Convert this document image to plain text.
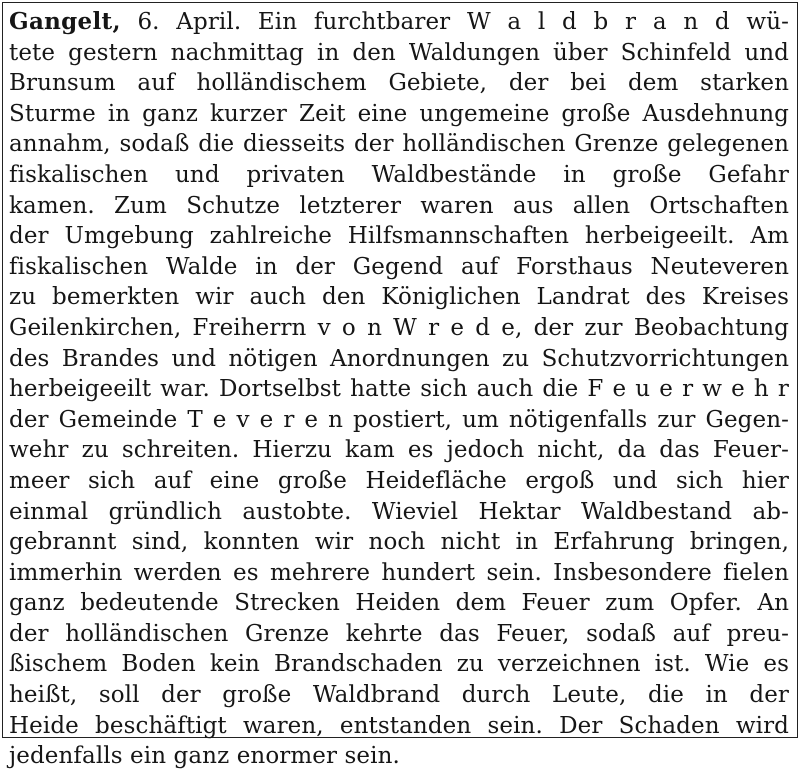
Gangelt, 6. April. Ein furchtbarer W a l d b r a n d wü-
tete gestern nachmittag in den Waldungen über Schinfeld und
Brunsum auf holländischem Gebiete, der bei dem starken
Sturme in ganz kurzer Zeit eine ungemeine große Ausdehnung
annahm, sodaß die diesseits der holländischen Grenze gelegenen
fiskalischen und privaten Waldbestände in große Gefahr
kamen. Zum Schutze letzterer waren aus allen Ortschaften
der Umgebung zahlreiche Hilfsmannschaften herbeigeeilt. Am
fiskalischen Walde in der Gegend auf Forsthaus Neuteveren
zu bemerkten wir auch den Königlichen Landrat des Kreises
Geilenkirchen, Freiherrn v o n W r e d e, der zur Beobachtung
des Brandes und nötigen Anordnungen zu Schutzvorrichtungen
herbeigeeilt war. Dortselbst hatte sich auch die F e u e r w e h r
der Gemeinde T e v e r e n postiert, um nötigenfalls zur Gegen-
wehr zu schreiten. Hierzu kam es jedoch nicht, da das Feuer-
meer sich auf eine große Heidefläche ergoß und sich hier
einmal gründlich austobte. Wieviel Hektar Waldbestand ab-
gebrannt sind, konnten wir noch nicht in Erfahrung bringen,
immerhin werden es mehrere hundert sein. Insbesondere fielen
ganz bedeutende Strecken Heiden dem Feuer zum Opfer. An
der holländischen Grenze kehrte das Feuer, sodaß auf preu-
ßischem Boden kein Brandschaden zu verzeichnen ist. Wie es
heißt, soll der große Waldbrand durch Leute, die in der
Heide beschäftigt waren, entstanden sein. Der Schaden wird
jedenfalls ein ganz enormer sein.
